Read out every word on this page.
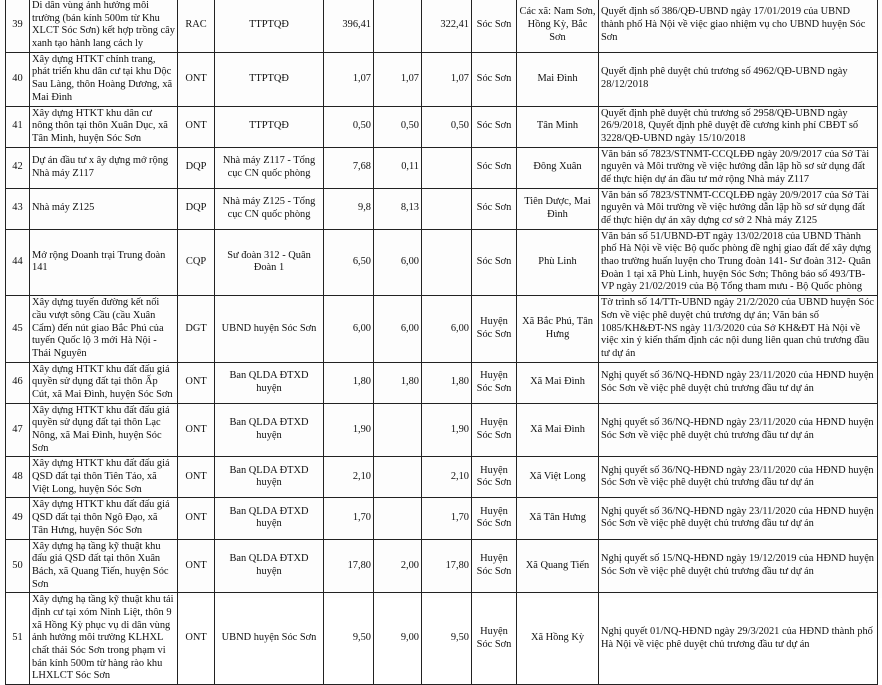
39	Di dân vùng ảnh hưởng môi trường (bán kính 500m từ Khu XLCT Sóc Sơn) kết hợp trồng cây xanh tạo hành lang cách ly	RAC	TTPTQĐ	396,41		322,41	Sóc Sơn	Các xã: Nam Sơn, Hồng Kỳ, Bắc Sơn	Quyết định số 386/QĐ-UBND ngày 17/01/2019 của UBND thành phố Hà Nội về việc giao nhiệm vụ cho UBND huyện Sóc Sơn
40	Xây dựng HTKT chỉnh trang, phát triển khu dân cư tại khu Dộc Sau Làng, thôn Hoàng Dương, xã Mai Đình	ONT	TTPTQĐ	1,07	1,07	1,07	Sóc Sơn	Mai Đình	Quyết định phê duyệt chủ trương số 4962/QĐ-UBND ngày 28/12/2018
41	Xây dựng HTKT khu dân cư nông thôn tại thôn Xuân Dục, xã Tân Minh, huyện Sóc Sơn	ONT	TTPTQĐ	0,50	0,50	0,50	Sóc Sơn	Tân Minh	Quyết định phê duyệt chủ trương số 2958/QĐ-UBND ngày 26/9/2018, Quyết định phê duyệt đề cương kinh phí CBĐT số 3228/QĐ-UBND ngày 15/10/2018
42	Dự án đầu tư x ây dựng mở rộng Nhà máy Z117	DQP	Nhà máy Z117 - Tổng cục CN quốc phòng	7,68	0,11		Sóc Sơn	Đông Xuân	Văn bản số 7823/STNMT-CCQLĐĐ ngày 20/9/2017 của Sở Tài nguyên và Môi trường về việc hướng dẫn lập hồ sơ sử dụng đất để thực hiện dự án đầu tư mở rộng Nhà máy Z117
43	Nhà máy Z125	DQP	Nhà máy Z125 - Tổng cục CN quốc phòng	9,8	8,13		Sóc Sơn	Tiên Dược, Mai Đình	Văn bản số 7823/STNMT-CCQLĐĐ ngày 20/9/2017 của Sở Tài nguyên và Môi trường về việc hướng dẫn lập hồ sơ sử dụng đất để thực hiện dự án xây dựng cơ sở 2 Nhà máy Z125
44	Mở rộng Doanh trại Trung đoàn 141	CQP	Sư đoàn 312 - Quân Đoàn 1	6,50	6,00		Sóc Sơn	Phù Linh	Văn bản số 51/UBND-ĐT ngày 13/02/2018 của UBND Thành phố Hà Nội về việc Bộ quốc phòng đề nghị giao đất để xây dựng thao trường huấn luyện cho Trung đoàn 141- Sư đoàn 312- Quân Đoàn 1 tại xã Phù Linh, huyện Sóc Sơn; Thông báo số 493/TB-VP ngày 21/02/2019 của Bộ Tổng tham mưu - Bộ Quốc phòng
45	Xây dựng tuyến đường kết nối cầu vượt sông Cầu (cầu Xuân Cẩm) đến nút giao Bắc Phú của tuyến Quốc lộ 3 mới Hà Nội - Thái Nguyên	DGT	UBND huyện Sóc Sơn	6,00	6,00	6,00	Huyện Sóc Sơn	Xã Bắc Phú, Tân Hưng	Tờ trình số 14/TTr-UBND ngày 21/2/2020 của UBND huyện Sóc Sơn về việc phê duyệt chủ trương dự án; Văn bản số 1085/KH&ĐT-NS ngày 11/3/2020 của Sở KH&ĐT Hà Nội về việc xin ý kiến thẩm định các nội dung liên quan chủ trương đầu tư dự án
46	Xây dựng HTKT khu đất đấu giá quyền sử dụng đất tại thôn Ấp Cút, xã Mai Đình, huyện Sóc Sơn	ONT	Ban QLDA ĐTXD huyện	1,80	1,80	1,80	Huyện Sóc Sơn	Xã Mai Đình	Nghị quyết số 36/NQ-HĐND ngày 23/11/2020 của HĐND huyện Sóc Sơn về việc phê duyệt chủ trương đầu tư dự án
47	Xây dựng HTKT khu đất đấu giá quyền sử dụng đất tại thôn Lạc Nông, xã Mai Đình, huyện Sóc Sơn	ONT	Ban QLDA ĐTXD huyện	1,90		1,90	Huyện Sóc Sơn	Xã Mai Đình	Nghị quyết số 36/NQ-HĐND ngày 23/11/2020 của HĐND huyện Sóc Sơn về việc phê duyệt chủ trương đầu tư dự án
48	Xây dựng HTKT khu đất đấu giá QSD đất tại thôn Tiên Tảo, xã Việt Long, huyện Sóc Sơn	ONT	Ban QLDA ĐTXD huyện	2,10		2,10	Huyện Sóc Sơn	Xã Việt Long	Nghị quyết số 36/NQ-HĐND ngày 23/11/2020 của HĐND huyện Sóc Sơn về việc phê duyệt chủ trương đầu tư dự án
49	Xây dựng HTKT khu đất đấu giá QSD đất tại thôn Ngô Đạo, xã Tân Hưng, huyện Sóc Sơn	ONT	Ban QLDA ĐTXD huyện	1,70		1,70	Huyện Sóc Sơn	Xã Tân Hưng	Nghị quyết số 36/NQ-HĐND ngày 23/11/2020 của HĐND huyện Sóc Sơn về việc phê duyệt chủ trương đầu tư dự án
50	Xây dựng hạ tầng kỹ thuật khu đấu giá QSD đất tại thôn Xuân Bách, xã Quang Tiến, huyện Sóc Sơn	ONT	Ban QLDA ĐTXD huyện	17,80	2,00	17,80	Huyện Sóc Sơn	Xã Quang Tiến	Nghị quyết số 15/NQ-HĐND ngày 19/12/2019 của HĐND huyện Sóc Sơn về việc phê duyệt chủ trương đầu tư dự án
51	Xây dựng hạ tầng kỹ thuật khu tái định cư tại xóm Ninh Liệt, thôn 9 xã Hồng Kỳ phục vụ di dân vùng ảnh hưởng môi trường KLHXL chất thải Sóc Sơn trong phạm vi bán kính 500m từ hàng rào khu LHXLCT Sóc Sơn	ONT	UBND huyện Sóc Sơn	9,50	9,00	9,50	Huyện Sóc Sơn	Xã Hồng Kỳ	Nghị quyết 01/NQ-HĐND ngày 29/3/2021 của HĐND thành phố Hà Nội về việc phê duyệt chủ trương đầu tư dự án
